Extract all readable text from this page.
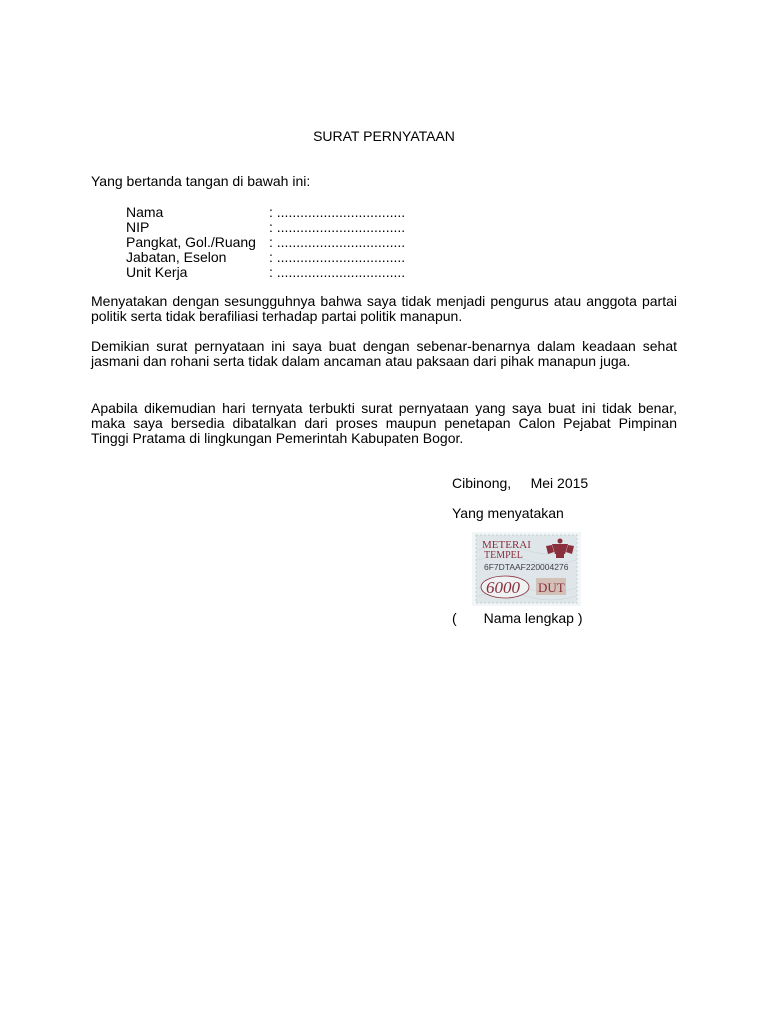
SURAT PERNYATAAN
Yang bertanda tangan di bawah ini:
Nama	: .................................
NIP	: .................................
Pangkat, Gol./Ruang : .................................
Jabatan, Eselon	: .................................
Unit Kerja	: .................................

Menyatakan dengan sesungguhnya bahwa saya tidak menjadi pengurus atau anggota partai politik serta tidak berafiliasi terhadap partai politik manapun.

Demikian surat pernyataan ini saya buat dengan sebenar-benarnya dalam keadaan sehat jasmani dan rohani serta tidak dalam ancaman atau paksaan dari pihak manapun juga.

Apabila dikemudian hari ternyata terbukti surat pernyataan yang saya buat ini tidak benar, maka saya bersedia dibatalkan dari proses maupun penetapan Calon Pejabat Pimpinan Tinggi Pratama di lingkungan Pemerintah Kabupaten Bogor.

Cibinong, Mei 2015
Yang menyatakan
METERAI
TEMPEL
6F7DTAAF220004276
6000 DUT
( Nama lengkap )
